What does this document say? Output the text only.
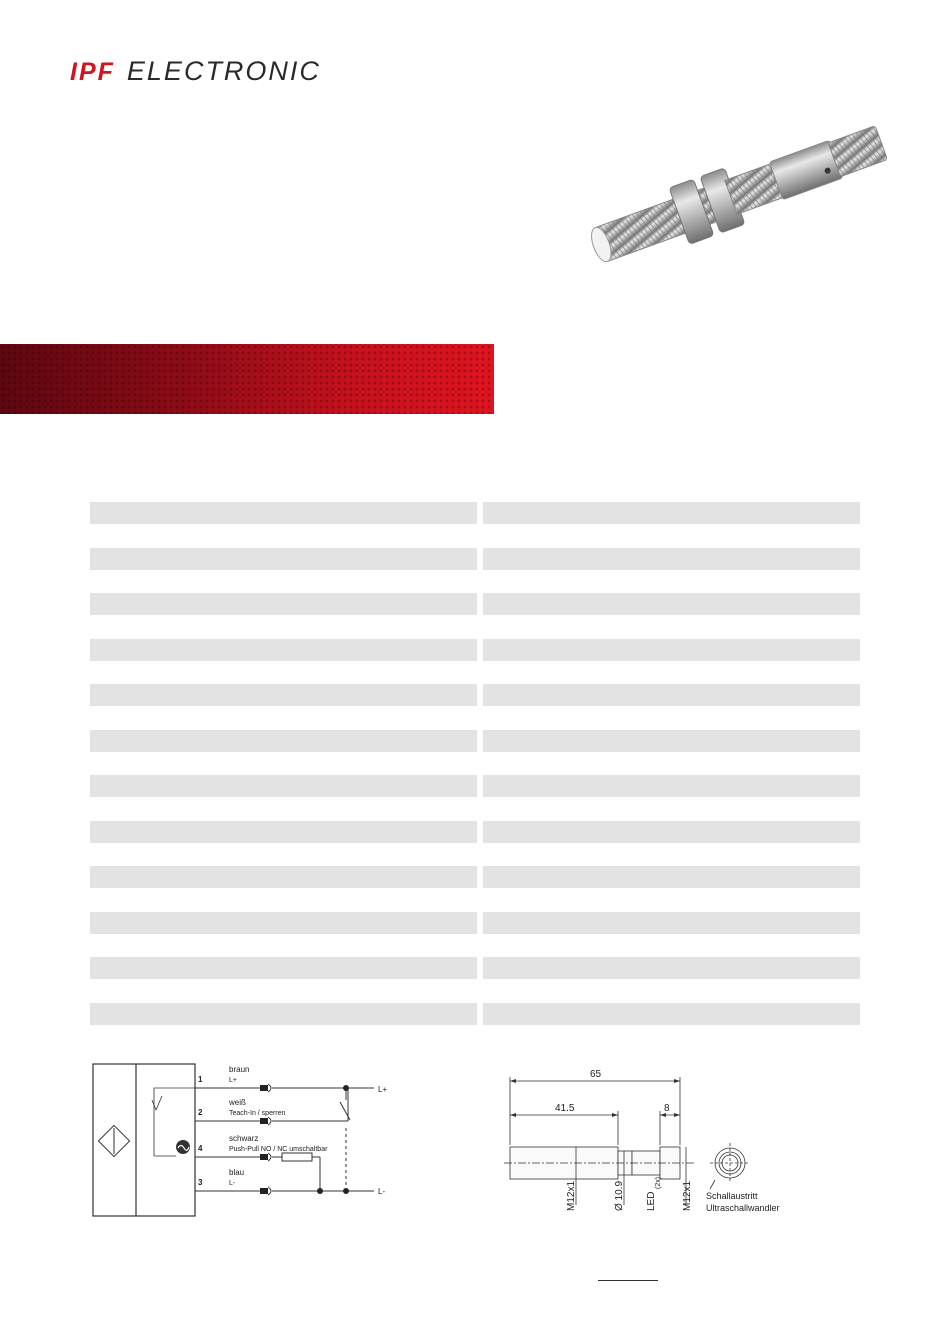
IPF ELECTRONIC
1
braun
L+
2
weiß
Teach-In / sperren
4
schwarz
Push-Pull NO / NC umschaltbar
3
blau
L-
L+
L-
65
41.5	8
M12x1	Ø 10.9 LED
(2x) M12x1 Schallaustritt
Ultraschallwandler
